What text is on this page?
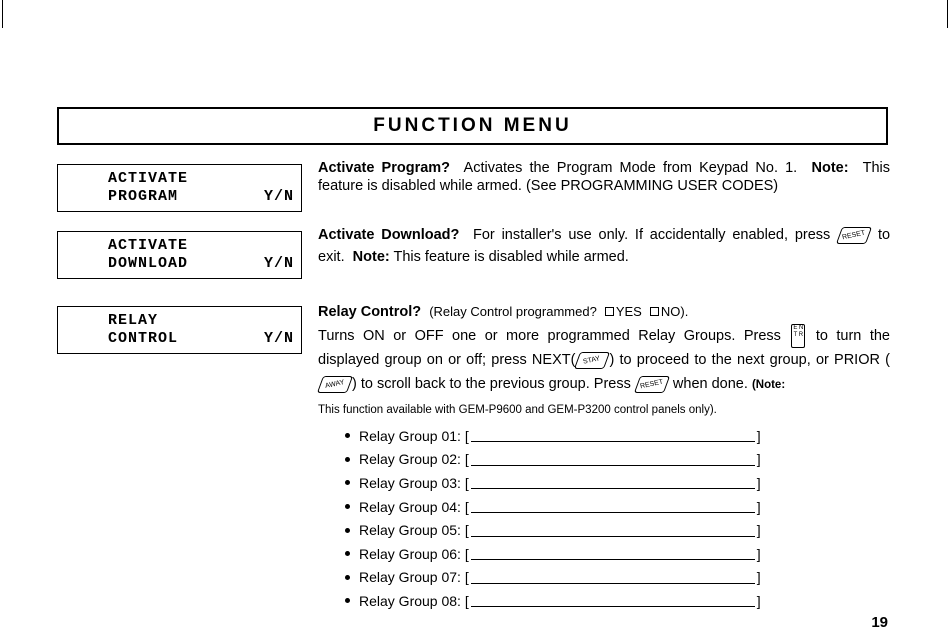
FUNCTION MENU
ACTIVATE
PROGRAM	Y/N
ACTIVATE
DOWNLOAD	Y/N
RELAY
CONTROL	Y/N
Activate Program? Activates the Program Mode from Keypad No. 1. Note: This feature is disabled while armed. (See PROGRAMMING USER CODES)
Activate Download? For installer's use only. If accidentally enabled, press RESET to exit. Note: This feature is disabled while armed.
Relay Control? (Relay Control programmed? YES NO).
Turns ON or OFF one or more programmed Relay Groups. Press E N T R to turn the displayed group on or off; press NEXT( STAY ) to proceed to the next group, or PRIOR (AWAY ) to scroll back to the previous group. Press RESET when done. (Note:
This function available with GEM-P9600 and GEM-P3200 control panels only).
Relay Group 01: [	]
Relay Group 02: [	]
Relay Group 03: [	]
Relay Group 04: [	]
Relay Group 05: [	]
Relay Group 06: [	]
Relay Group 07: [	]
Relay Group 08: [	]
19
